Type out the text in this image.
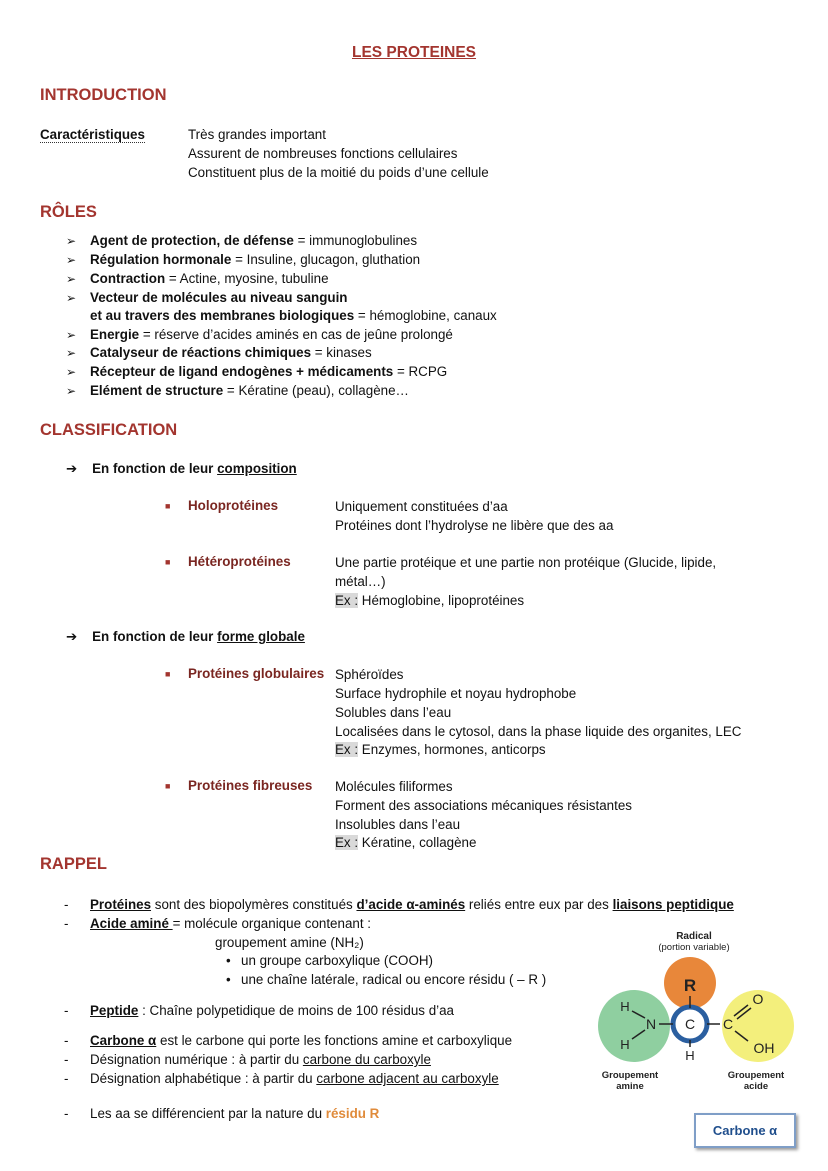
LES PROTEINES
INTRODUCTION
Caractéristiques	Très grandes important
Assurent de nombreuses fonctions cellulaires
Constituent plus de la moitié du poids d’une cellule
RÔLES
➢ Agent de protection, de défense = immunoglobulines
➢ Régulation hormonale = Insuline, glucagon, gluthation
➢ Contraction = Actine, myosine, tubuline
➢ Vecteur de molécules au niveau sanguin
et au travers des membranes biologiques = hémoglobine, canaux
➢ Energie = réserve d’acides aminés en cas de jeûne prolongé
➢ Catalyseur de réactions chimiques = kinases
➢ Récepteur de ligand endogènes + médicaments = RCPG
➢ Elément de structure = Kératine (peau), collagène…
CLASSIFICATION
➔ En fonction de leur composition
■ Holoprotéines	Uniquement constituées d’aa
Protéines dont l’hydrolyse ne libère que des aa
■ Hétéroprotéines	Une partie protéique et une partie non protéique (Glucide, lipide,
métal…)
Ex : Hémoglobine, lipoprotéines
➔ En fonction de leur forme globale
■ Protéines globulaires Sphéroïdes
Surface hydrophile et noyau hydrophobe
Solubles dans l’eau
Localisées dans le cytosol, dans la phase liquide des organites, LEC
Ex : Enzymes, hormones, anticorps
■ Protéines fibreuses Molécules filiformes
Forment des associations mécaniques résistantes
Insolubles dans l’eau
Ex : Kératine, collagène
RAPPEL
- Protéines sont des biopolymères constitués d’acide α-aminés reliés entre eux par des liaisons peptidique
- Acide aminé = molécule organique contenant :
groupement amine (NH₂)
• un groupe carboxylique (COOH)
• une chaîne latérale, radical ou encore résidu ( – R )
- Peptide : Chaîne polypetidique de moins de 100 résidus d’aa
- Carbone α est le carbone qui porte les fonctions amine et carboxylique
- Désignation numérique : à partir du carbone du carboxyle
- Désignation alphabétique : à partir du carbone adjacent au carboxyle
- Les aa se différencient par la nature du résidu R
Radical
(portion variable)
R
C
H
N
H
H
C
O
OH
Groupement
amine
Groupement
acide
Carbone α
